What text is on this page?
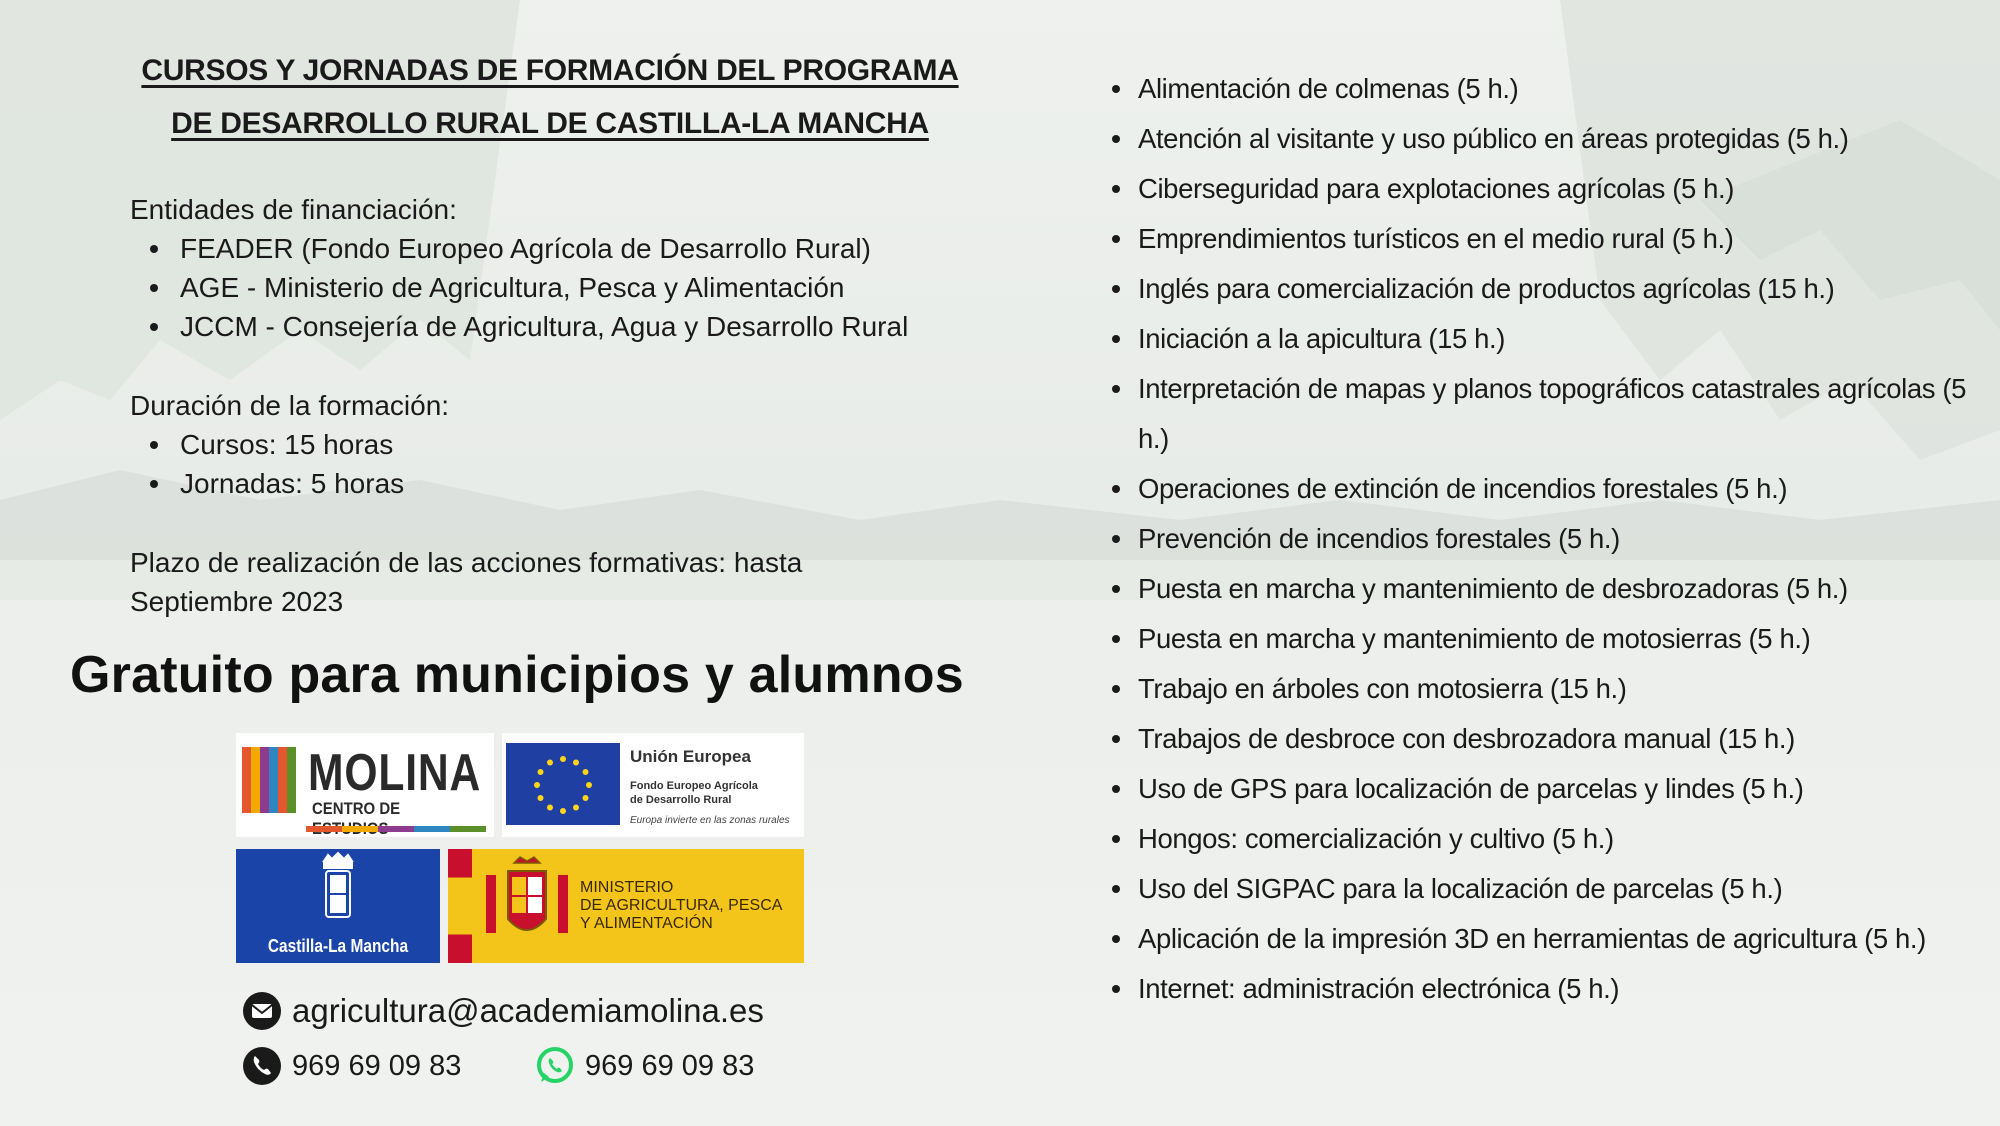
CURSOS Y JORNADAS DE FORMACIÓN DEL PROGRAMA
DE DESARROLLO RURAL DE CASTILLA-LA MANCHA
Entidades de financiación:
FEADER (Fondo Europeo Agrícola de Desarrollo Rural)
AGE - Ministerio de Agricultura, Pesca y Alimentación
JCCM - Consejería de Agricultura, Agua y Desarrollo Rural
Duración de la formación:
Cursos: 15 horas
Jornadas: 5 horas
Plazo de realización de las acciones formativas: hasta
Septiembre 2023
Gratuito para municipios y alumnos
MOLINA
CENTRO DE
Unión Europea
Fondo Europeo Agrícola
de Desarrollo Rural
Europa invierte en las zonas rurales
Castilla-La Mancha
MINISTERIO
DE AGRICULTURA, PESCA
Y ALIMENTACIÓN
agricultura@academiamolina.es
969 69 09 83	969 69 09 83
Alimentación de colmenas (5 h.)
Atención al visitante y uso público en áreas protegidas (5 h.)
Ciberseguridad para explotaciones agrícolas (5 h.)
Emprendimientos turísticos en el medio rural (5 h.)
Inglés para comercialización de productos agrícolas (15 h.)
Iniciación a la apicultura (15 h.)
Interpretación de mapas y planos topográficos catastrales agrícolas (5 h.)
Operaciones de extinción de incendios forestales (5 h.)
Prevención de incendios forestales (5 h.)
Puesta en marcha y mantenimiento de desbrozadoras (5 h.)
Puesta en marcha y mantenimiento de motosierras (5 h.)
Trabajo en árboles con motosierra (15 h.)
Trabajos de desbroce con desbrozadora manual (15 h.)
Uso de GPS para localización de parcelas y lindes (5 h.)
Hongos: comercialización y cultivo (5 h.)
Uso del SIGPAC para la localización de parcelas (5 h.)
Aplicación de la impresión 3D en herramientas de agricultura (5 h.)
Internet: administración electrónica (5 h.)
